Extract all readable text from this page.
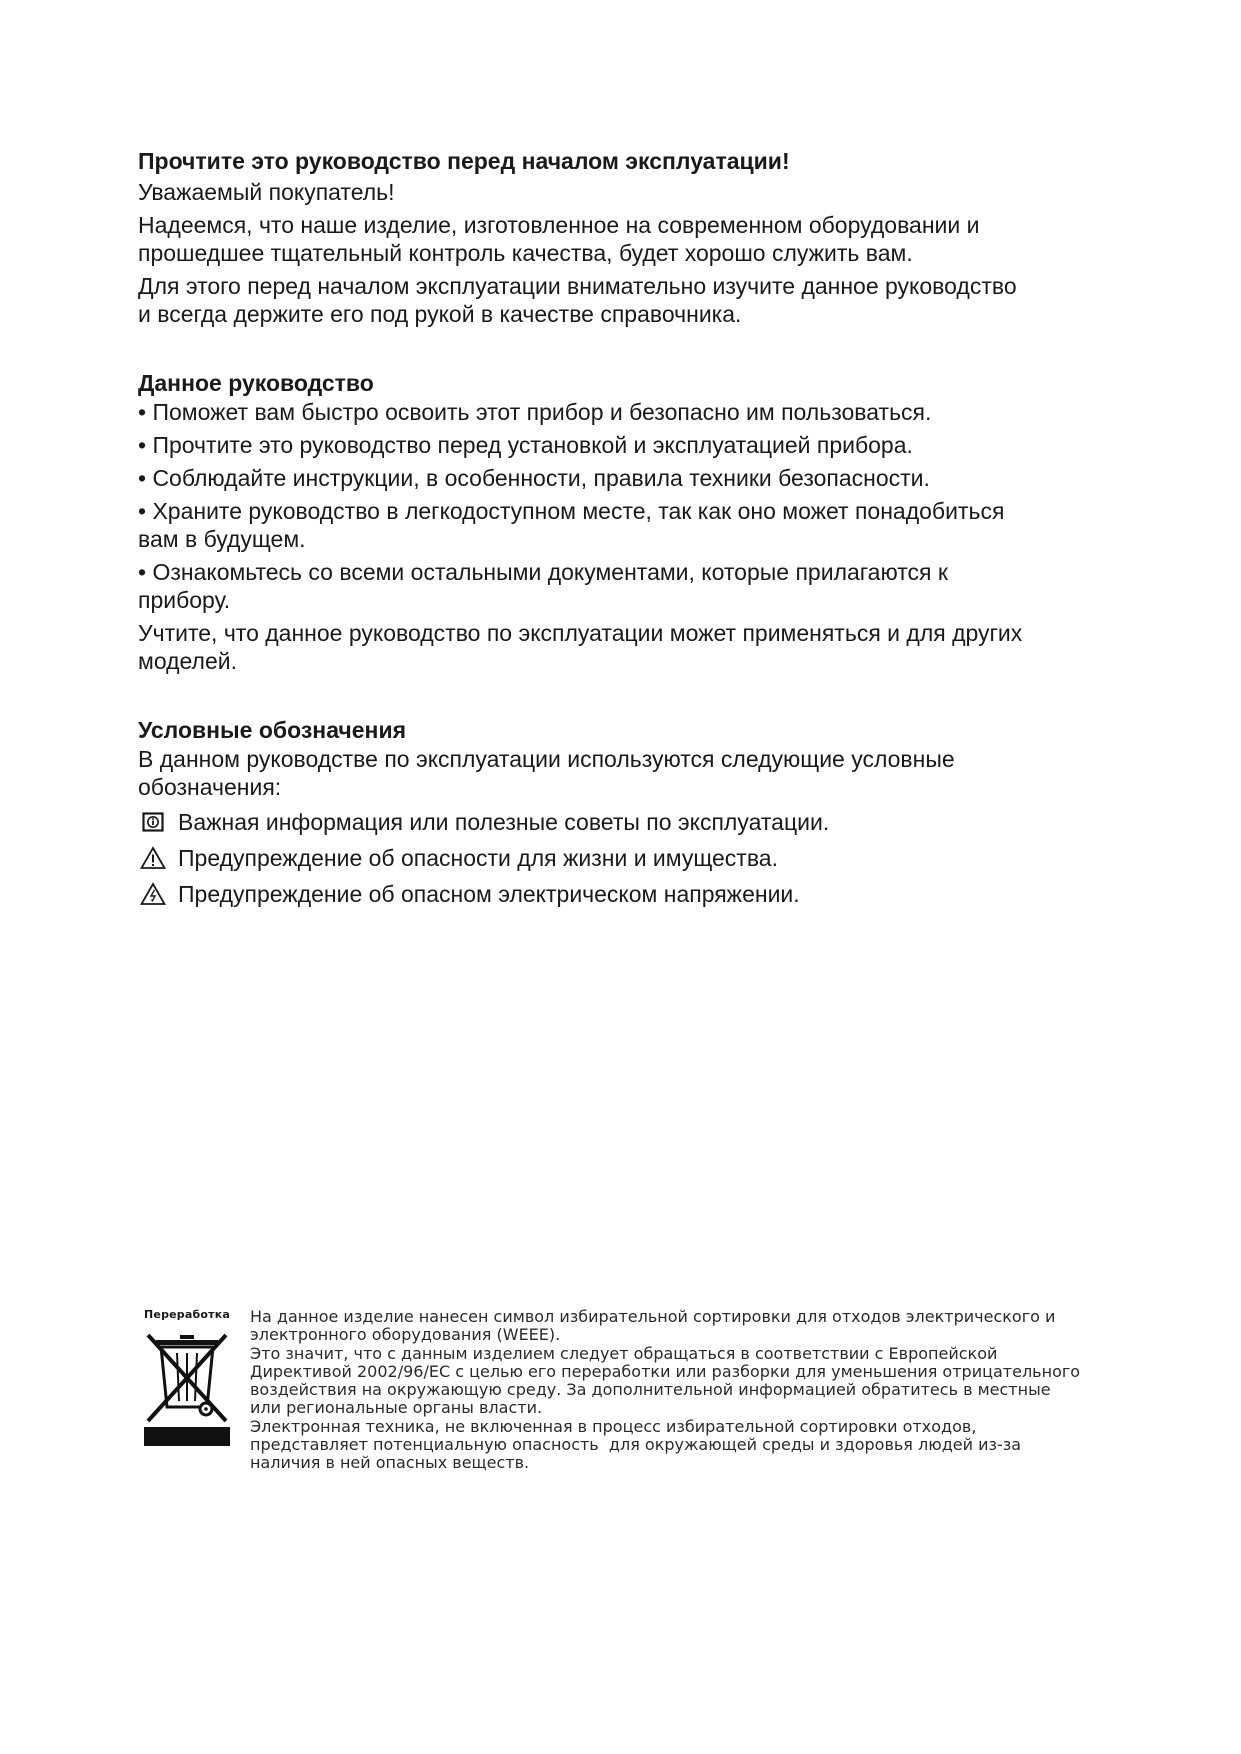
Прочтите это руководство перед началом эксплуатации!

Уважаемый покупатель!

Надеемся, что наше изделие, изготовленное на современном оборудовании и

прошедшее тщательный контроль качества, будет хорошо служить вам.

Для этого перед началом эксплуатации внимательно изучите данное руководство

и всегда держите его под рукой в качестве справочника.

Данное руководство

• Поможет вам быстро освоить этот прибор и безопасно им пользоваться.

• Прочтите это руководство перед установкой и эксплуатацией прибора.

• Соблюдайте инструкции, в особенности, правила техники безопасности.

• Храните руководство в легкодоступном месте, так как оно может понадобиться

вам в будущем.

• Ознакомьтесь со всеми остальными документами, которые прилагаются к

прибору.

Учтите, что данное руководство по эксплуатации может применяться и для других

моделей.

Условные обозначения

В данном руководстве по эксплуатации используются следующие условные

обозначения:

Важная информация или полезные советы по эксплуатации.
Предупреждение об опасности для жизни и имущества.
Предупреждение об опасном электрическом напряжении.
Переработка На данное изделие нанесен символ избирательной сортировки для отходов электрического и
электронного оборудования (WEEE).
Это значит, что с данным изделием следует обращаться в соответствии с Европейской
Директивой 2002/96/EC с целью его переработки или разборки для уменьшения отрицательного
воздействия на окружающую среду. За дополнительной информацией обратитесь в местные
или региональные органы власти.
Электронная техника, не включенная в процесс избирательной сортировки отходов,
представляет потенциальную опасность  для окружающей среды и здоровья людей из-за
наличия в ней опасных веществ.
